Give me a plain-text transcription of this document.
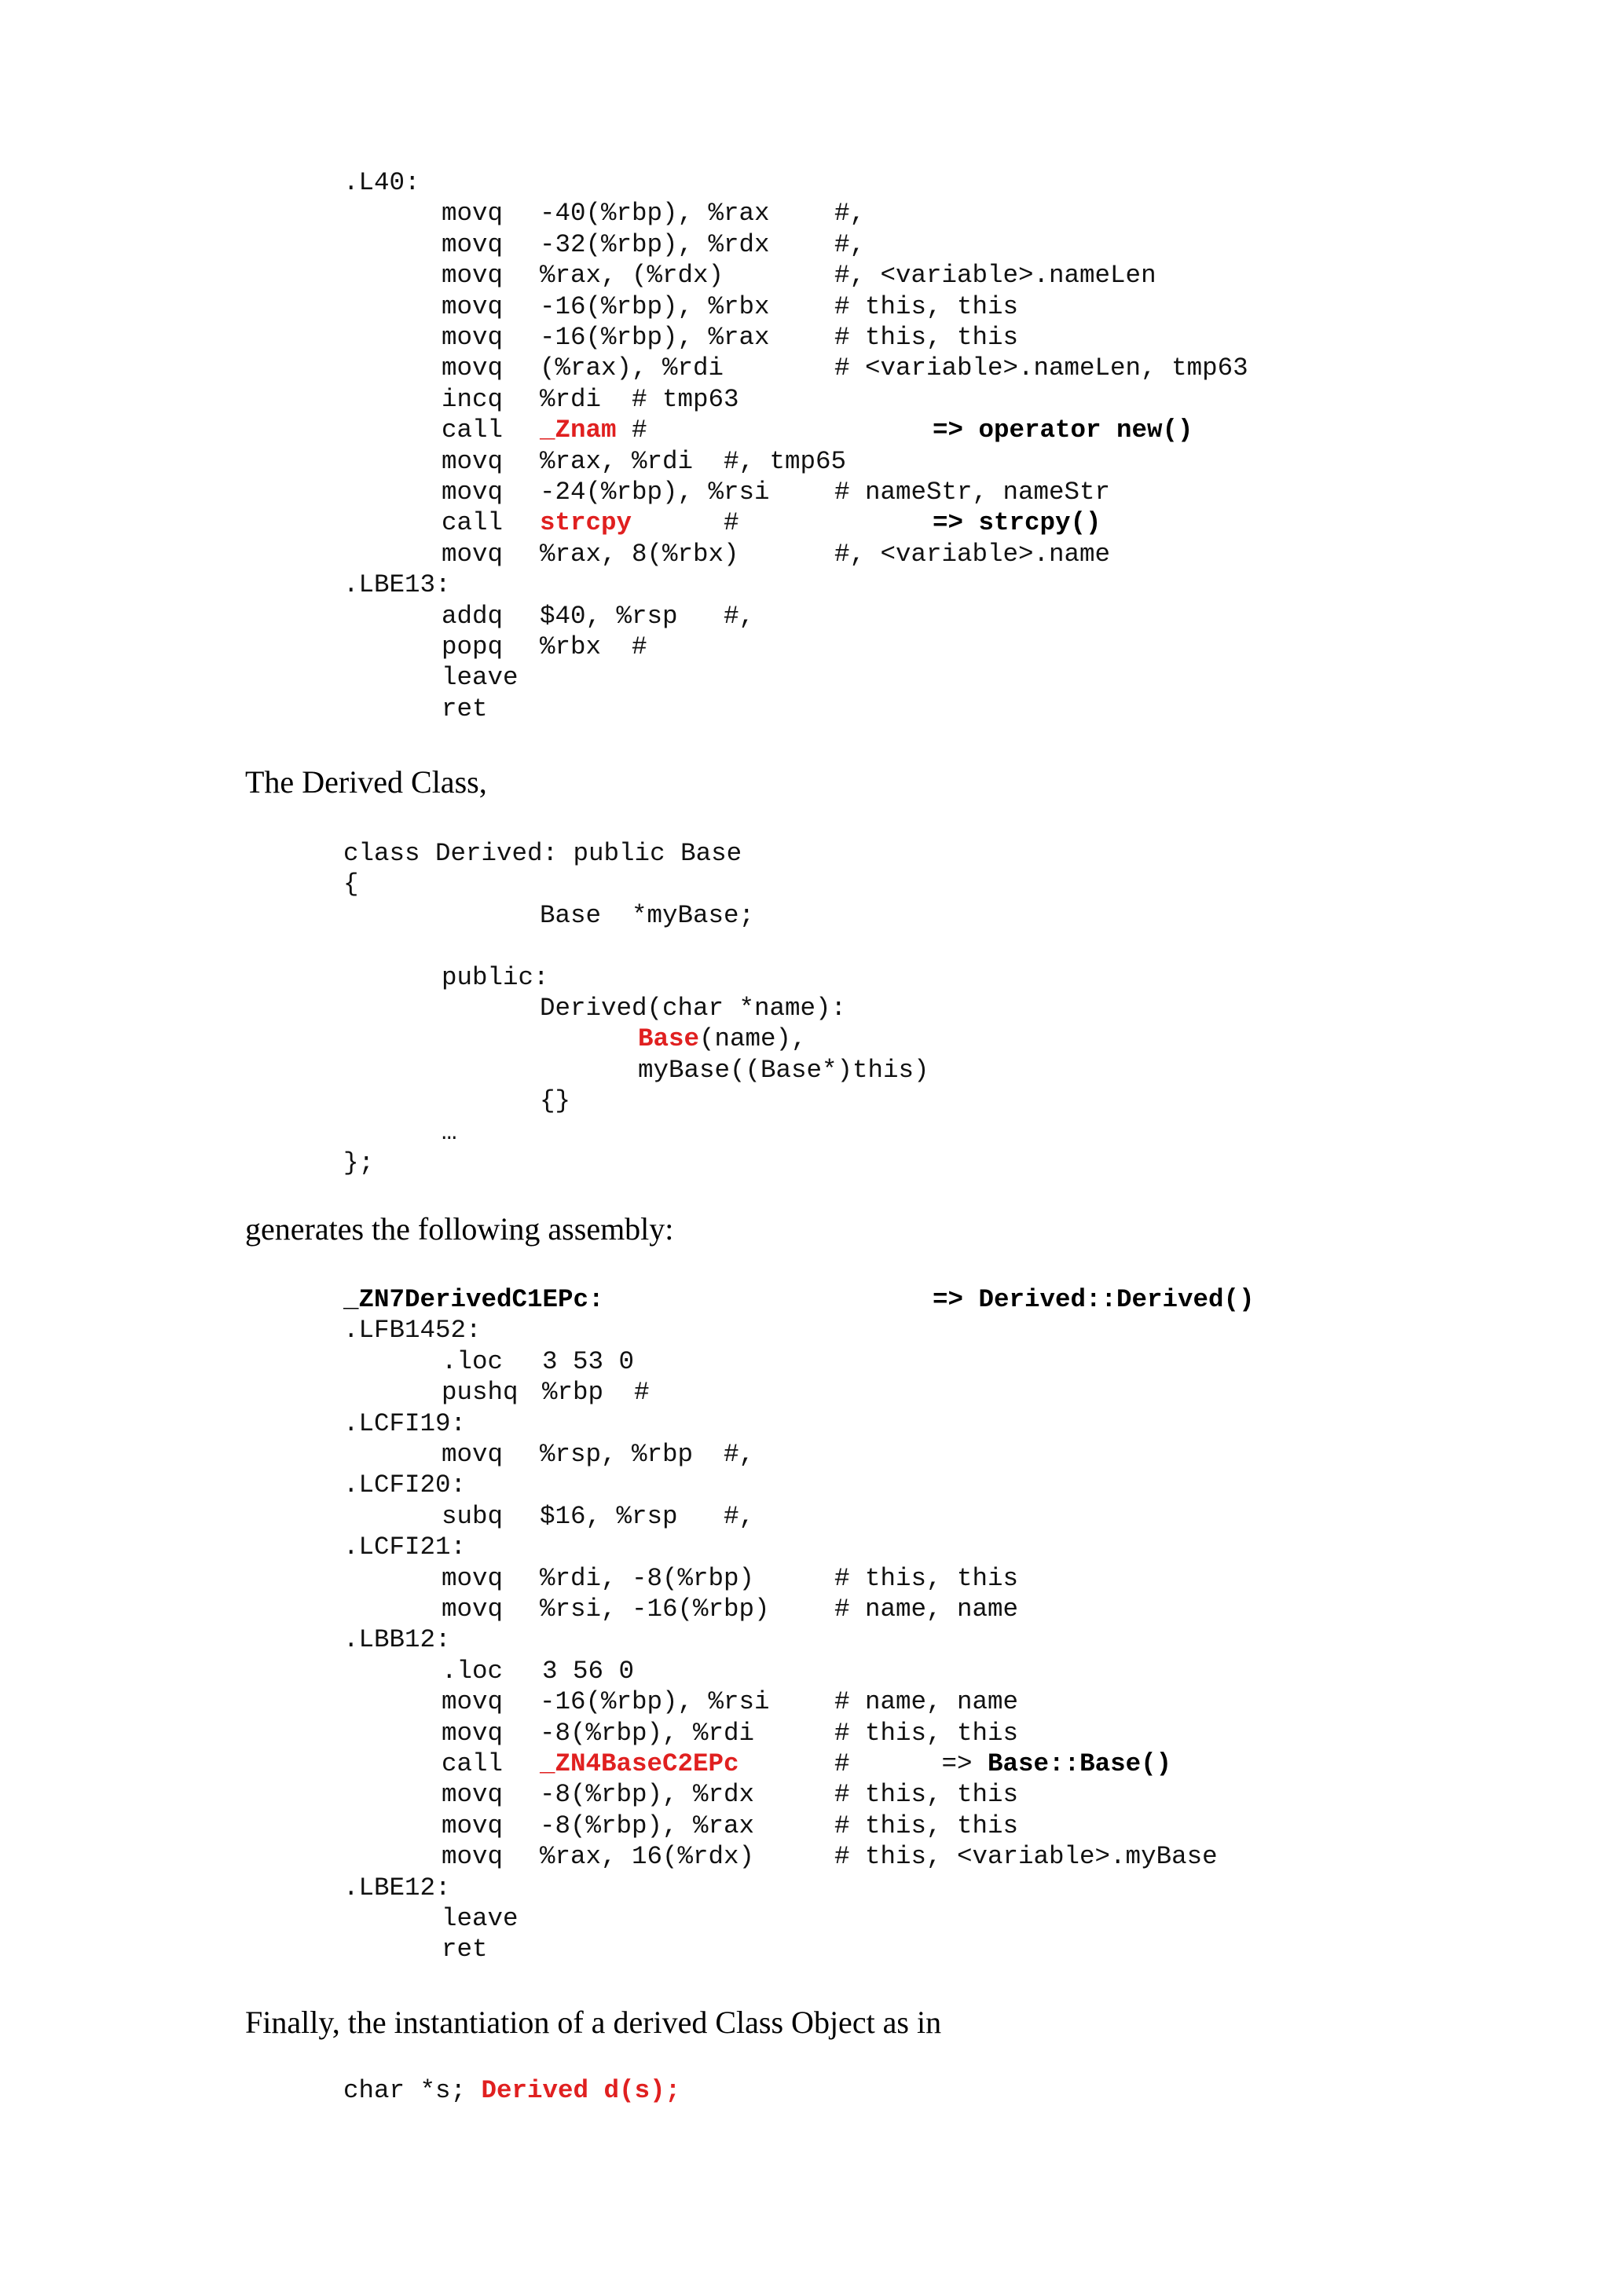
.L40:
movq -40(%rbp), %rax	#,
movq -32(%rbp), %rdx	#,
movq %rax, (%rdx)	#, <variable>.nameLen
movq -16(%rbp), %rbx	# this, this
movq -16(%rbp), %rax	# this, this
movq (%rax), %rdi	# <variable>.nameLen, tmp63
incq %rdi  # tmp63
call _Znam #	=> operator new()
movq %rax, %rdi  #, tmp65
movq -24(%rbp), %rsi	# nameStr, nameStr
call strcpy      #	=> strcpy()
movq %rax, 8(%rbx)	#, <variable>.name
.LBE13:
addq $40, %rsp   #,
popq %rbx  #
leave
ret
The Derived Class,
class Derived: public Base
{
Base  *myBase;
public:
Derived(char *name):
Base(name),
myBase((Base*)this)
{}
…
};
generates the following assembly:
_ZN7DerivedC1EPc:	=> Derived::Derived()
.LFB1452:
.loc 3 53 0
pushq %rbp  #
.LCFI19:
movq %rsp, %rbp  #,
.LCFI20:
subq $16, %rsp   #,
.LCFI21:
movq %rdi, -8(%rbp)	# this, this
movq %rsi, -16(%rbp)	# name, name
.LBB12:
.loc 3 56 0
movq -16(%rbp), %rsi	# name, name
movq -8(%rbp), %rdi	# this, this
call _ZN4BaseC2EPc	#      => Base::Base()
movq -8(%rbp), %rdx	# this, this
movq -8(%rbp), %rax	# this, this
movq %rax, 16(%rdx)	# this, <variable>.myBase
.LBE12:
leave
ret
Finally, the instantiation of a derived Class Object as in
char *s; Derived d(s);
